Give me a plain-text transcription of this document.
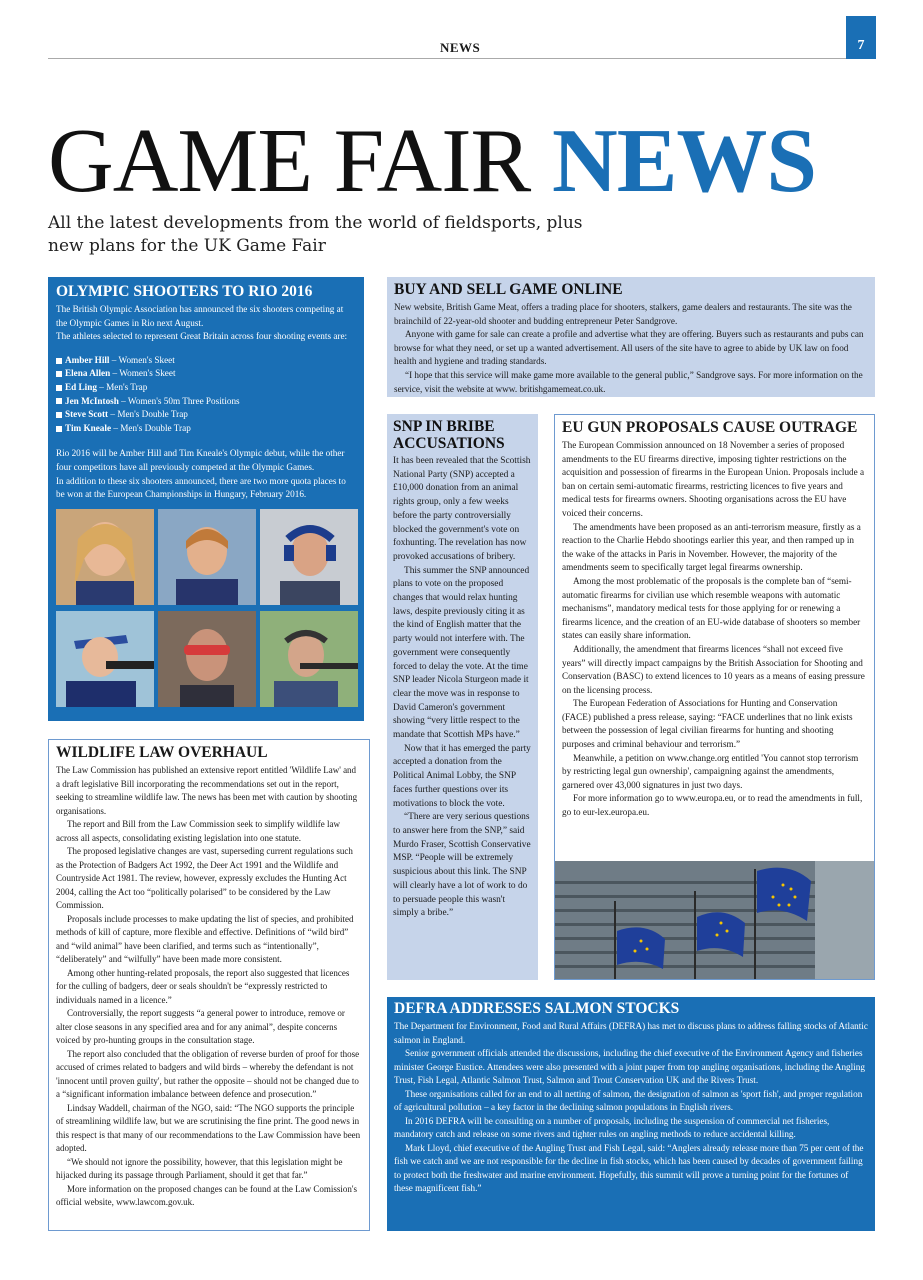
NEWS	7
GAME FAIR NEWS
All the latest developments from the world of fieldsports, plus new plans for the UK Game Fair
OLYMPIC SHOOTERS TO RIO 2016

The British Olympic Association has announced the six shooters competing at the Olympic Games in Rio next August.

The athletes selected to represent Great Britain across four shooting events are:

Amber Hill – Women's Skeet
Elena Allen – Women's Skeet
Ed Ling – Men's Trap
Jen McIntosh – Women's 50m Three Positions
Steve Scott – Men's Double Trap
Tim Kneale – Men's Double Trap

Rio 2016 will be Amber Hill and Tim Kneale's Olympic debut, while the other four competitors have all previously competed at the Olympic Games.

In addition to these six shooters announced, there are two more quota places to be won at the European Championships in Hungary, February 2016.

BUY AND SELL GAME ONLINE

New website, British Game Meat, offers a trading place for shooters, stalkers, game dealers and restaurants. The site was the brainchild of 22-year-old shooter and budding entrepreneur Peter Sandgrove.

Anyone with game for sale can create a profile and advertise what they are offering. Buyers such as restaurants and pubs can browse for what they need, or set up a wanted advertisement. All users of the site have to agree to abide by UK law on food health and hygiene and trading standards.

“I hope that this service will make game more available to the general public,” Sandgrove says. For more information on the service, visit the website at www. britishgamemeat.co.uk.

SNP IN BRIBE ACCUSATIONS

It has been revealed that the Scottish National Party (SNP) accepted a £10,000 donation from an animal rights group, only a few weeks before the party controversially blocked the government's vote on foxhunting. The revelation has now provoked accusations of bribery.

This summer the SNP announced plans to vote on the proposed changes that would relax hunting laws, despite previously citing it as the kind of English matter that the party would not interfere with. The government were consequently forced to delay the vote. At the time SNP leader Nicola Sturgeon made it clear the move was in response to David Cameron's government showing “very little respect to the mandate that Scottish MPs have.”

Now that it has emerged the party accepted a donation from the Political Animal Lobby, the SNP faces further questions over its motivations to block the vote.

“There are very serious questions to answer here from the SNP,” said Murdo Fraser, Scottish Conservative MSP. “People will be extremely suspicious about this link. The SNP will clearly have a lot of work to do to persuade people this wasn't simply a bribe.”

EU GUN PROPOSALS CAUSE OUTRAGE

The European Commission announced on 18 November a series of proposed amendments to the EU firearms directive, imposing tighter restrictions on the acquisition and possession of firearms in the European Union. Proposals include a ban on certain semi-automatic firearms, restricting licences to five years and medical tests for firearms owners. Shooting organisations across the EU have voiced their concerns.

The amendments have been proposed as an anti-terrorism measure, firstly as a reaction to the Charlie Hebdo shootings earlier this year, and then ramped up in the wake of the attacks in Paris in November. However, the majority of the amendments seem to specifically target legal firearms ownership.

Among the most problematic of the proposals is the complete ban of “semi-automatic firearms for civilian use which resemble weapons with automatic mechanisms”, mandatory medical tests for those applying for or renewing a firearms licence, and the creation of an EU-wide database of shooters so member states can easily share information.

Additionally, the amendment that firearms licences “shall not exceed five years” will directly impact campaigns by the British Association for Shooting and Conservation (BASC) to extend licences to 10 years as a means of easing pressure on the licensing process.

The European Federation of Associations for Hunting and Conservation (FACE) published a press release, saying: “FACE underlines that no link exists between the possession of legal civilian firearms for hunting and shooting purposes and criminal behaviour and terrorism.”

Meanwhile, a petition on www.change.org entitled 'You cannot stop terrorism by restricting legal gun ownership', campaigning against the amendments, garnered over 43,000 signatures in just two days.

For more information go to www.europa.eu, or to read the amendments in full, go to eur-lex.europa.eu.

WILDLIFE LAW OVERHAUL

The Law Commission has published an extensive report entitled 'Wildlife Law' and a draft legislative Bill incorporating the recommendations set out in the report, seeking to streamline wildlife law. The news has been met with caution by shooting organisations.

The report and Bill from the Law Commission seek to simplify wildlife law across all aspects, consolidating existing legislation into one statute.

The proposed legislative changes are vast, superseding current regulations such as the Protection of Badgers Act 1992, the Deer Act 1991 and the Wildlife and Countryside Act 1981. The review, however, expressly excludes the Hunting Act 2004, calling the Act too “politically polarised” to be considered by the Law Commission.

Proposals include processes to make updating the list of species, and prohibited methods of kill of capture, more flexible and effective. Definitions of “wild bird” and “wild animal” have been clarified, and terms such as “intentionally”, “deliberately” and “wilfully” have been made more consistent.

Among other hunting-related proposals, the report also suggested that licences for the culling of badgers, deer or seals shouldn't be “expressly restricted to individuals named in a licence.”

Controversially, the report suggests “a general power to introduce, remove or alter close seasons in any specified area and for any animal”, despite concerns voiced by pro-hunting groups in the consultation stage.

The report also concluded that the obligation of reverse burden of proof for those accused of crimes related to badgers and wild birds – whereby the defendant is not 'innocent until proven guilty', but rather the opposite – should not be changed due to a “significant information imbalance between defence and prosecution.”

Lindsay Waddell, chairman of the NGO, said: “The NGO supports the principle of streamlining wildlife law, but we are scrutinising the fine print. The good news in this respect is that many of our recommendations to the Law Commission have been adopted.

“We should not ignore the possibility, however, that this legislation might be hijacked during its passage through Parliament, should it get that far.”

More information on the proposed changes can be found at the Law Comission's official website, www.lawcom.gov.uk.

DEFRA ADDRESSES SALMON STOCKS

The Department for Environment, Food and Rural Affairs (DEFRA) has met to discuss plans to address falling stocks of Atlantic salmon in England.

Senior government officials attended the discussions, including the chief executive of the Environment Agency and fisheries minister George Eustice. Attendees were also presented with a joint paper from top angling organisations, including the Angling Trust, Fish Legal, Atlantic Salmon Trust, Salmon and Trout Conservation UK and the Rivers Trust.

These organisations called for an end to all netting of salmon, the designation of salmon as 'sport fish', and proper regulation of agricultural pollution – a key factor in the declining salmon populations in English rivers.

In 2016 DEFRA will be consulting on a number of proposals, including the suspension of commercial net fisheries, mandatory catch and release on some rivers and tighter rules on angling methods to reduce accidental killing.

Mark Lloyd, chief executive of the Angling Trust and Fish Legal, said: “Anglers already release more than 75 per cent of the fish we catch and we are not responsible for the decline in fish stocks, which has been caused by decades of government failing to protect both the freshwater and marine environment. Hopefully, this summit will prove a turning point for the fortunes of these magnificent fish.”
